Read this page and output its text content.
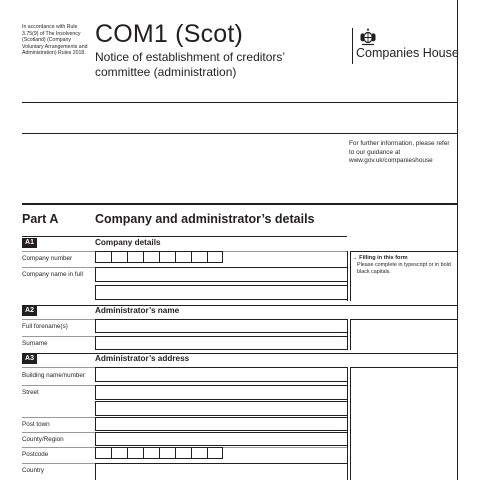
In accordance with Rule 3.75(9) of The Insolvency (Scotland) (Company Voluntary Arrangements and Administration) Rules 2018.
COM1 (Scot)
Notice of establishment of creditors’ committee (administration)
Companies House
For further information, please refer to our guidance at www.gov.uk/companieshouse
Part A	Company and administrator’s details
A1	Company details
Company number
Company name in full
→ Filling in this form
Please complete in typescript or in bold black capitals.
A2	Administrator’s name
Full forename(s)
Surname
A3	Administrator’s address
Building name/number
Street
Post town
County/Region
Postcode
Country
